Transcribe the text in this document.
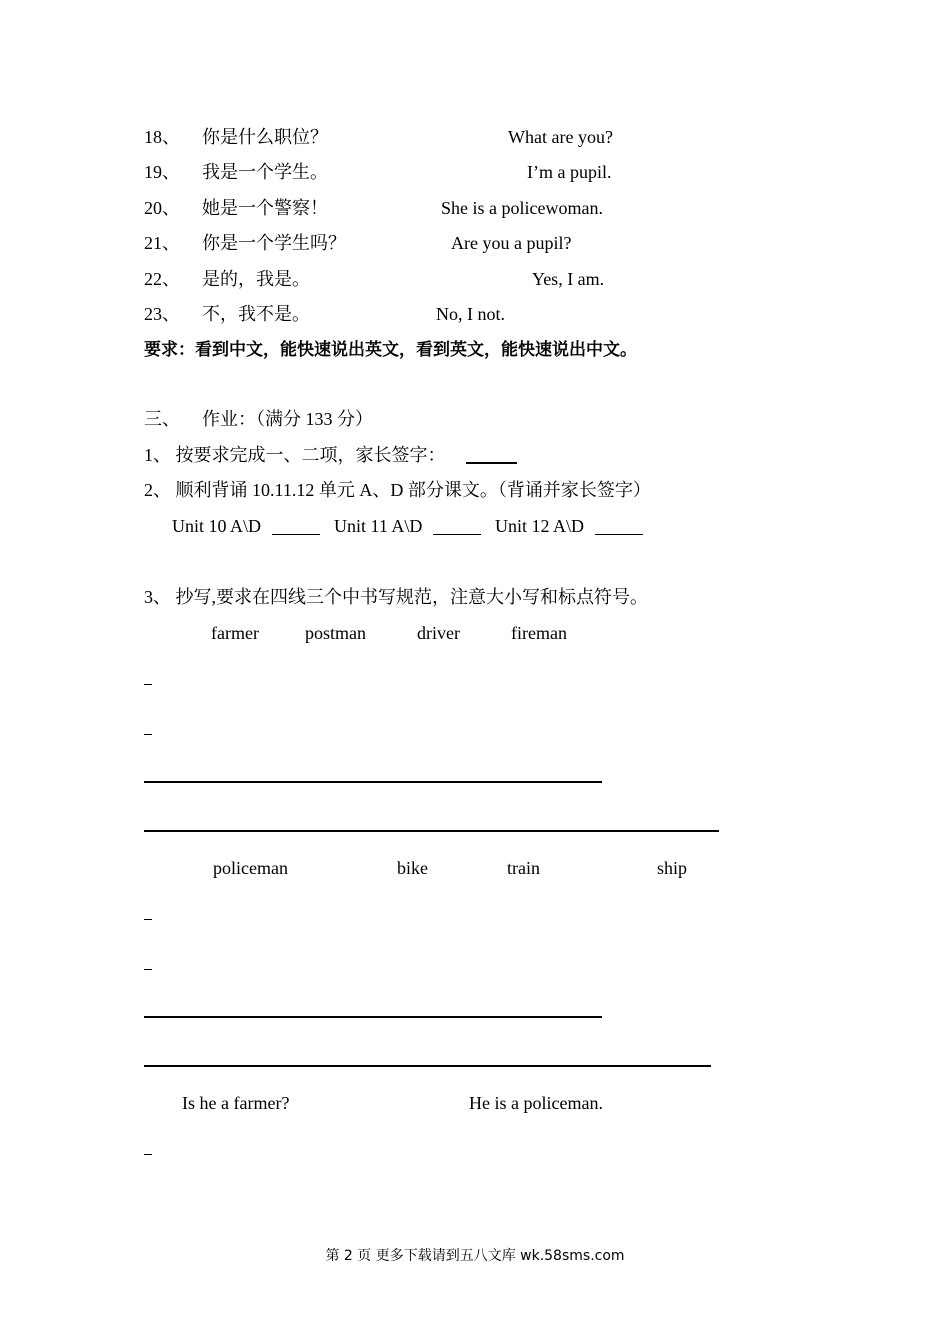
18、 你是什么职位？	What are you?
19、 我是一个学生。	I’m a pupil.
20、 她是一个警察！	She is a policewoman.
21、 你是一个学生吗？	Are you a pupil?
22、 是的，我是。	Yes, I am.
23、 不，我不是。	No, I not.
要求：看到中文，能快速说出英文，看到英文，能快速说出中文。
三、 作业：（满分 133 分）
1、 按要求完成一、二项，家长签字：
2、 顺利背诵 10.11.12 单元 A、D 部分课文。（背诵并家长签字）
Unit 10 A\D	Unit 11 A\D	Unit 12 A\D
3、 抄写,要求在四线三个中书写规范，注意大小写和标点符号。
farmer	postman	driver	fireman
policeman	bike	train	ship
Is he a farmer?	He is a policeman.
第 2 页 更多下载请到五八文库 wk.58sms.com
